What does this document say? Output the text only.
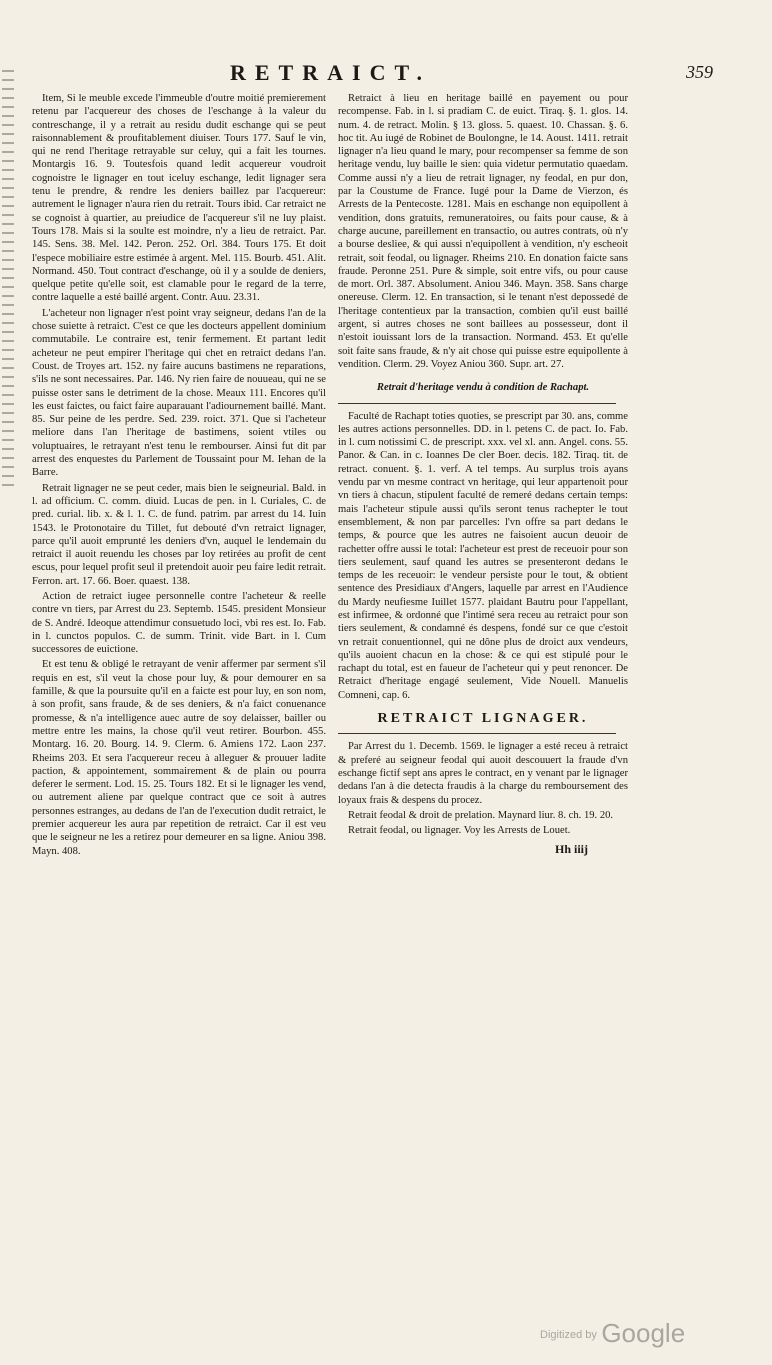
RETRAICT.	359

Item, Si le meuble excede l'immeuble d'outre moitié premierement retenu par l'acquereur des choses de l'eschange à la valeur du contreschange, il y a retrait au residu dudit eschange qui se peut raisonnablement & proufitablement diuiser. Tours 177. Sauf le vin, qui ne rend l'heritage retrayable sur celuy, qui a fait les tournes. Montargis 16. 9. Toutesfois quand ledit acquereur voudroit cognoistre le lignager en tout iceluy eschange, ledit lignager sera tenu le prendre, & rendre les deniers baillez par l'acquereur: autrement le lignager n'aura rien du retrait. Tours ibid. Car retraict ne se cognoist à quartier, au preiudice de l'acquereur s'il ne luy plaist. Tours 178. Mais si la soulte est moindre, n'y a lieu de retraict. Par. 145. Sens. 38. Mel. 142. Peron. 252. Orl. 384. Tours 175. Et doit l'espece mobiliaire estre estimée à argent. Mel. 115. Bourb. 451. Alit. Normand. 450. Tout contract d'eschange, où il y a soulde de deniers, quelque petite qu'elle soit, est clamable pour le regard de la terre, contre laquelle a esté baillé argent. Contr. Auu. 23.31.

L'acheteur non lignager n'est point vray seigneur, dedans l'an de la chose suiette à retraict. C'est ce que les docteurs appellent dominium commutabile. Le contraire est, tenir fermement. Et partant ledit acheteur ne peut empirer l'heritage qui chet en retraict dedans l'an. Coust. de Troyes art. 152. ny faire aucuns bastimens ne reparations, s'ils ne sont necessaires. Par. 146. Ny rien faire de nouueau, qui ne se puisse oster sans le detriment de la chose. Meaux 111. Encores qu'il les eust faictes, ou faict faire auparauant l'adiournement baillé. Mant. 85. Sur peine de les perdre. Sed. 239. roict. 371. Que si l'acheteur meliore dans l'an l'heritage de bastimens, soient vtiles ou voluptuaires, le retrayant n'est tenu le rembourser. Ainsi fut dit par arrest des enquestes du Parlement de Toussaint pour M. Iehan de la Barre.

Retrait lignager ne se peut ceder, mais bien le seigneurial. Bald. in l. ad officium. C. comm. diuid. Lucas de pen. in l. Curiales, C. de pred. curial. lib. x. & l. 1. C. de fund. patrim. par arrest du 14. Iuin 1543. le Protonotaire du Tillet, fut debouté d'vn retraict lignager, parce qu'il auoit emprunté les deniers d'vn, auquel le lendemain du retraict il auoit reuendu les choses par loy retirées au profit de cent escus, pour lequel profit seul il pretendoit auoir peu faire ledit retrait. Ferron. art. 17. 66. Boer. quaest. 138.

Action de retraict iugee personnelle contre l'acheteur & reelle contre vn tiers, par Arrest du 23. Septemb. 1545. president Monsieur de S. André. Ideoque attendimur consuetudo loci, vbi res est. Io. Fab. in l. cunctos populos. C. de summ. Trinit. vide Bart. in l. Cum successores de euictione.

Et est tenu & obligé le retrayant de venir affermer par serment s'il requis en est, s'il veut la chose pour luy, & pour demourer en sa famille, & que la poursuite qu'il en a faicte est pour luy, en son nom, à son profit, sans fraude, & de ses deniers, & n'a faict conuenance promesse, & n'a intelligence auec autre de soy delaisser, bailler ou mettre entre les mains, la chose qu'il veut retirer. Bourbon. 455. Montarg. 16. 20. Bourg. 14. 9. Clerm. 6. Amiens 172. Laon 237. Rheims 203. Et sera l'acquereur receu à alleguer & prouuer ladite paction, & appointement, sommairement & de plain ou pourra deferer le serment. Lod. 15. 25. Tours 182. Et si le lignager les vend, ou autrement aliene par quelque contract que ce soit à autres personnes estranges, au dedans de l'an de l'execution dudit retraict, le premier acquereur les aura par repetition de retraict. Car il est veu que le seigneur ne les a retirez pour demeurer en sa ligne. Aniou 398. Mayn. 408.

Retraict à lieu en heritage baillé en payement ou pour recompense. Fab. in l. si pradiam C. de euict. Tiraq. §. 1. glos. 14. num. 4. de retract. Molin. § 13. gloss. 5. quaest. 10. Chassan. §. 6. hoc tit. Au iugé de Robinet de Boulongne, le 14. Aoust. 1411. retrait lignager n'a lieu quand le mary, pour recompenser sa femme de son heritage vendu, luy baille le sien: quia videtur permutatio quaedam. Comme aussi n'y a lieu de retrait lignager, ny feodal, en pur don, par la Coustume de France. Iugé pour la Dame de Vierzon, és Arrests de la Pentecoste. 1281. Mais en eschange non equipollent à vendition, dons gratuits, remuneratoires, ou faits pour cause, & à charge aucune, pareillement en transactio, ou autres contrats, où n'y a bourse desliee, & qui aussi n'equipollent à vendition, n'y escheoit retrait, soit feodal, ou lignager. Rheims 210. En donation faicte sans fraude. Peronne 251. Pure & simple, soit entre vifs, ou pour cause de mort. Orl. 387. Absolument. Aniou 346. Mayn. 358. Sans charge onereuse. Clerm. 12. En transaction, si le tenant n'est depossedé de l'heritage contentieux par la transaction, combien qu'il eust baillé argent, si autres choses ne sont baillees au possesseur, dont il n'estoit iouissant lors de la transaction. Normand. 453. Et qu'elle soit faite sans fraude, & n'y ait chose qui puisse estre equipollente à vendition. Clerm. 29. Voyez Aniou 360. Supr. art. 27.

Retrait d'heritage vendu à condition de Rachapt.

Faculté de Rachapt toties quoties, se prescript par 30. ans, comme les autres actions personnelles. DD. in l. petens C. de pact. Io. Fab. in l. cum notissimi C. de prescript. xxx. vel xl. ann. Angel. cons. 55. Panor. & Can. in c. Ioannes De cler Boer. decis. 182. Tiraq. tit. de retract. conuent. §. 1. verf. A tel temps. Au surplus trois ayans vendu par vn mesme contract vn heritage, qui leur appartenoit pour vn tiers à chacun, stipulent faculté de remeré dedans certain temps: mais l'acheteur stipule aussi qu'ils seront tenus rachepter le tout ensemblement, & non par parcelles: l'vn offre sa part dedans le temps, & pource que les autres ne faisoient aucun deuoir de rachetter offre aussi le total: l'acheteur est prest de receuoir pour son tiers seulement, sauf quand les autres se presenteront dedans le temps de les receuoir: le vendeur persiste pour le tout, & obtient sentence des Presidiaux d'Angers, laquelle par arrest en l'Audience du Mardy neufiesme Iuillet 1577. plaidant Bautru pour l'appellant, est infirmee, & ordonné que l'intimé sera receu au retraict pour son tiers seulement, & condamné és despens, fondé sur ce que c'estoit vn retrait conuentionnel, qui ne dône plus de droict aux vendeurs, qu'ils auoient chacun en la chose: & ce qui est stipulé pour le rachapt du total, est en faueur de l'acheteur qui y peut renoncer. De Retraict d'heritage engagé seulement, Vide Nouell. Manuelis Comneni, cap. 6.

RETRAICT LIGNAGER.

Par Arrest du 1. Decemb. 1569. le lignager a esté receu à retraict & preferé au seigneur feodal qui auoit descouuert la fraude d'vn eschange fictif sept ans apres le contract, en y venant par le lignager dedans l'an à die detecta fraudis à la charge du remboursement des loyaux frais & despens du procez.

Retrait feodal & droit de prelation. Maynard liur. 8. ch. 19. 20.

Retrait feodal, ou lignager. Voy les Arrests de Louet.

Hh iiij
$^{Digitized by}$ Google
